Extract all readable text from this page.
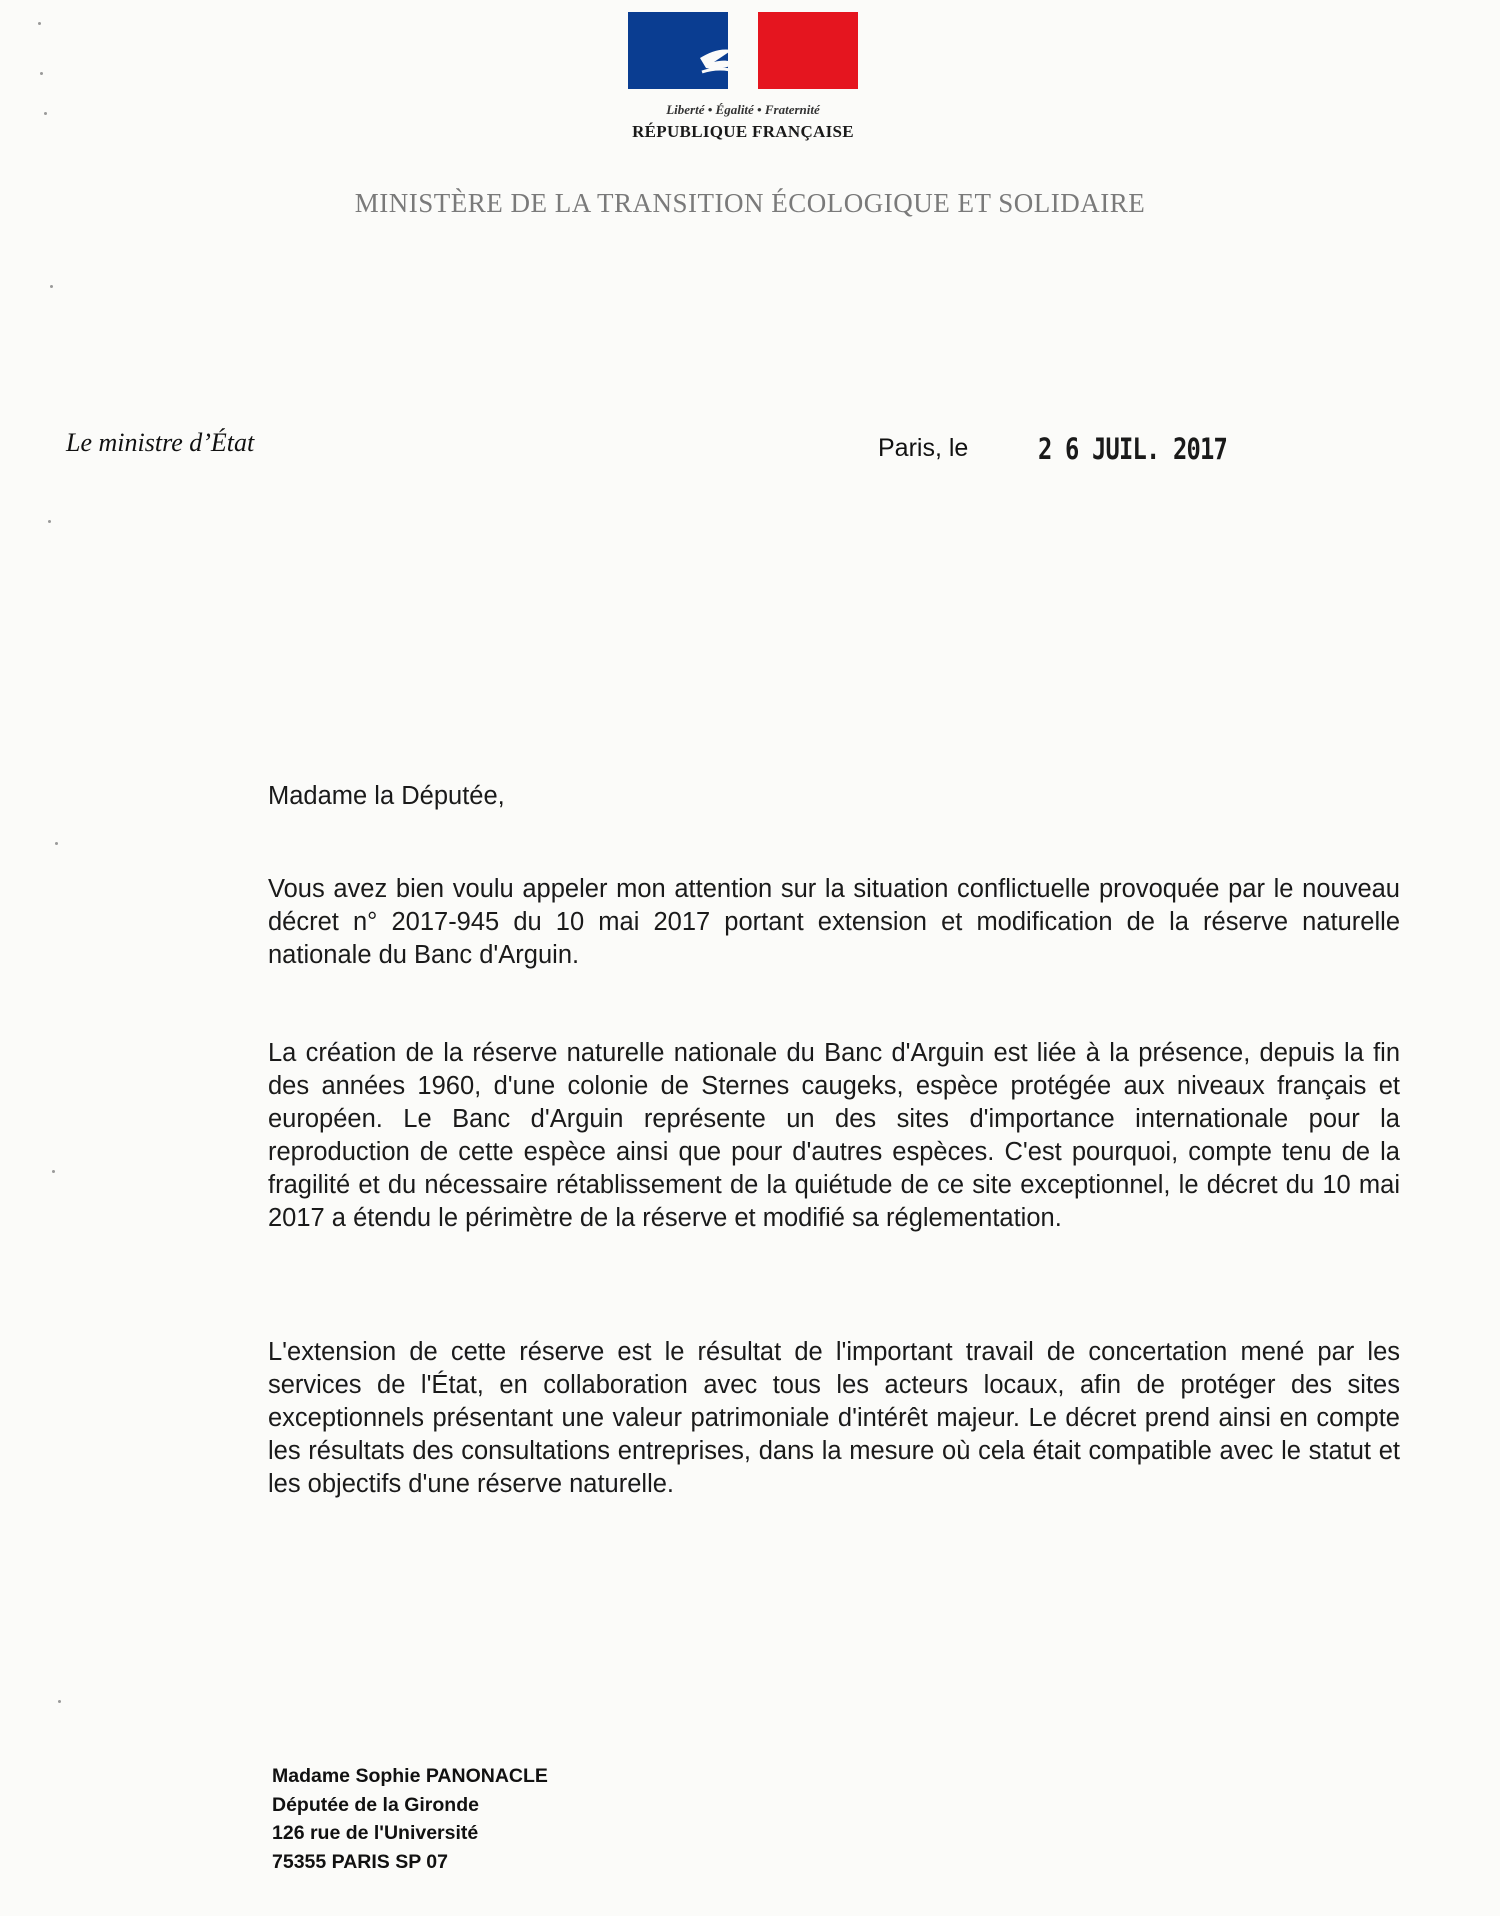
Liberté • Égalité • Fraternité
RÉPUBLIQUE FRANÇAISE
MINISTÈRE DE LA TRANSITION ÉCOLOGIQUE ET SOLIDAIRE
Le ministre d’État	Paris, le 2 6 JUIL. 2017
Madame la Députée,
Vous avez bien voulu appeler mon attention sur la situation conflictuelle provoquée par le nouveau décret n° 2017-945 du 10 mai 2017 portant extension et modification de la réserve naturelle nationale du Banc d'Arguin.
La création de la réserve naturelle nationale du Banc d'Arguin est liée à la présence, depuis la fin des années 1960, d'une colonie de Sternes caugeks, espèce protégée aux niveaux français et européen. Le Banc d'Arguin représente un des sites d'importance internationale pour la reproduction de cette espèce ainsi que pour d'autres espèces. C'est pourquoi, compte tenu de la fragilité et du nécessaire rétablissement de la quiétude de ce site exceptionnel, le décret du 10 mai 2017 a étendu le périmètre de la réserve et modifié sa réglementation.
L'extension de cette réserve est le résultat de l'important travail de concertation mené par les services de l'État, en collaboration avec tous les acteurs locaux, afin de protéger des sites exceptionnels présentant une valeur patrimoniale d'intérêt majeur. Le décret prend ainsi en compte les résultats des consultations entreprises, dans la mesure où cela était compatible avec le statut et les objectifs d'une réserve naturelle.
Madame Sophie PANONACLE
Députée de la Gironde
126 rue de l'Université
75355 PARIS SP 07
